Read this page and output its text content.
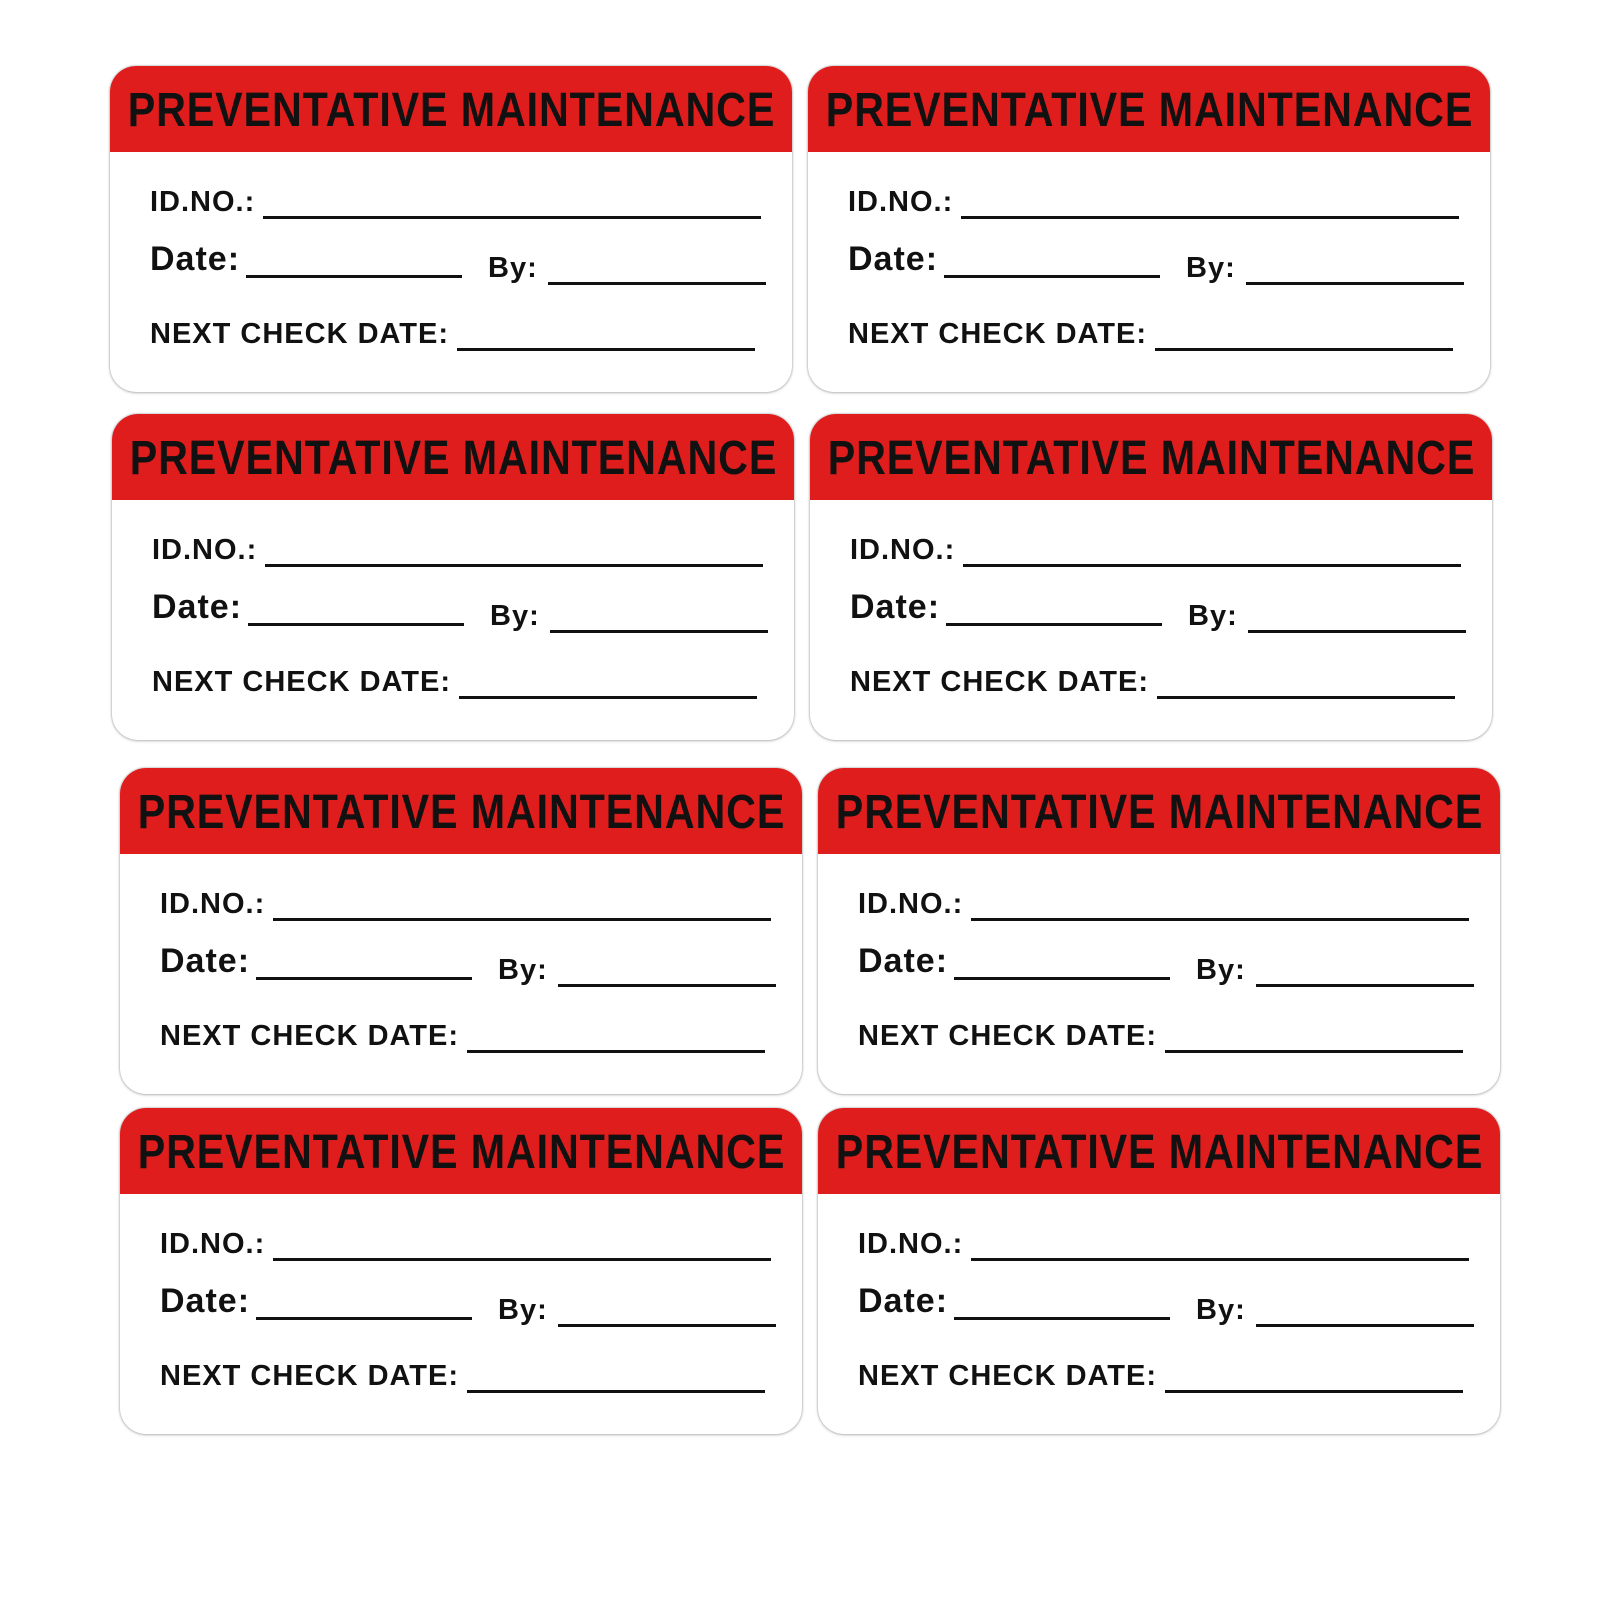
PREVENTATIVE MAINTENANCE
ID.NO.:
Date:	By:
NEXT CHECK DATE:
PREVENTATIVE MAINTENANCE
ID.NO.:
Date:	By:
NEXT CHECK DATE:
PREVENTATIVE MAINTENANCE
ID.NO.:
Date:	By:
NEXT CHECK DATE:
PREVENTATIVE MAINTENANCE
ID.NO.:
Date:	By:
NEXT CHECK DATE:
PREVENTATIVE MAINTENANCE
ID.NO.:
Date:	By:
NEXT CHECK DATE:
PREVENTATIVE MAINTENANCE
ID.NO.:
Date:	By:
NEXT CHECK DATE:
PREVENTATIVE MAINTENANCE
ID.NO.:
Date:	By:
NEXT CHECK DATE:
PREVENTATIVE MAINTENANCE
ID.NO.:
Date:	By:
NEXT CHECK DATE:
